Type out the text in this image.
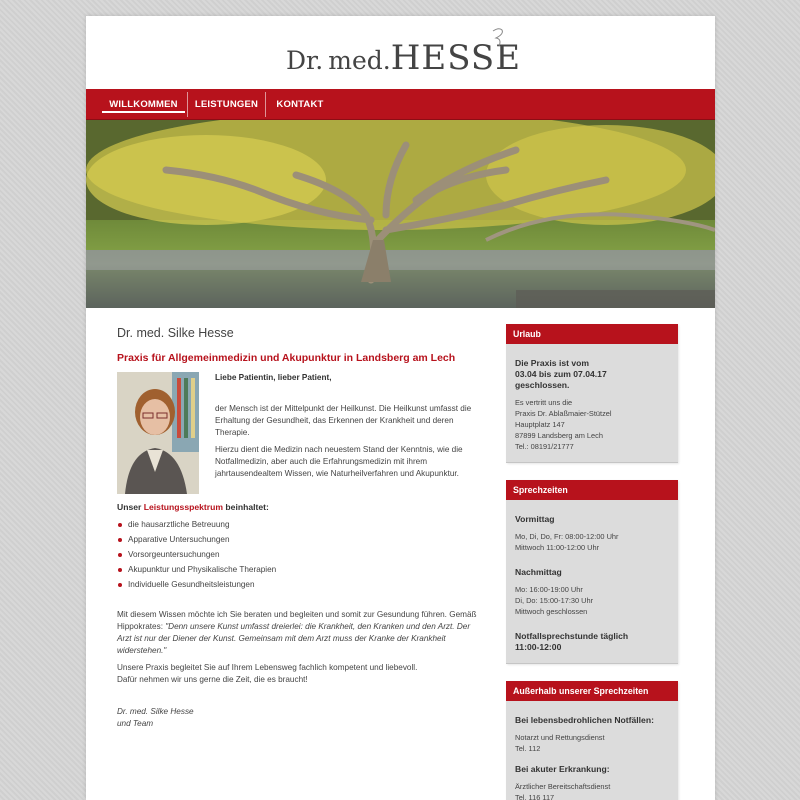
Dr. med.HESSE
WILLKOMMEN	LEISTUNGEN	KONTAKT
Dr. med. Silke Hesse
Praxis für Allgemeinmedizin und Akupunktur in Landsberg am Lech
Liebe Patientin, lieber Patient,

der Mensch ist der Mittelpunkt der Heilkunst. Die Heilkunst umfasst die Erhaltung der Gesundheit, das Erkennen der Krankheit und deren Therapie.

Hierzu dient die Medizin nach neuestem Stand der Kenntnis, wie die Notfallmedizin, aber auch die Erfahrungsmedizin mit ihrem jahrtausendealtem Wissen, wie Naturheilverfahren und Akupunktur.

Unser Leistungsspektrum beinhaltet:
die hausarztliche Betreuung
Apparative Untersuchungen
Vorsorgeuntersuchungen
Akupunktur und Physikalische Therapien
Individuelle Gesundheitsleistungen

Mit diesem Wissen möchte ich Sie beraten und begleiten und somit zur Gesundung führen. Gemäß Hippokrates: "Denn unsere Kunst umfasst dreierlei: die Krankheit, den Kranken und den Arzt. Der Arzt ist nur der Diener der Kunst. Gemeinsam mit dem Arzt muss der Kranke der Krankheit widerstehen."

Unsere Praxis begleitet Sie auf Ihrem Lebensweg fachlich kompetent und liebevoll.
Dafür nehmen wir uns gerne die Zeit, die es braucht!

Dr. med. Silke Hesse
und Team
Urlaub
Die Praxis ist vom
03.04 bis zum 07.04.17
geschlossen.
Es vertritt uns die
Praxis Dr. Ablaßmaier-Stützel
Hauptplatz 147
87899 Landsberg am Lech
Tel.: 08191/21777
Sprechzeiten
Vormittag
Mo, Di, Do, Fr: 08:00-12:00 Uhr
Mittwoch 11:00-12:00 Uhr
Nachmittag
Mo: 16:00-19:00 Uhr
Di, Do: 15:00-17:30 Uhr
Mittwoch geschlossen
Notfallsprechstunde täglich
11:00-12:00
Außerhalb unserer Sprechzeiten
Bei lebensbedrohlichen Notfällen:
Notarzt und Rettungsdienst
Tel. 112
Bei akuter Erkrankung:
Ärztlicher Bereitschaftsdienst
Tel. 116 117
